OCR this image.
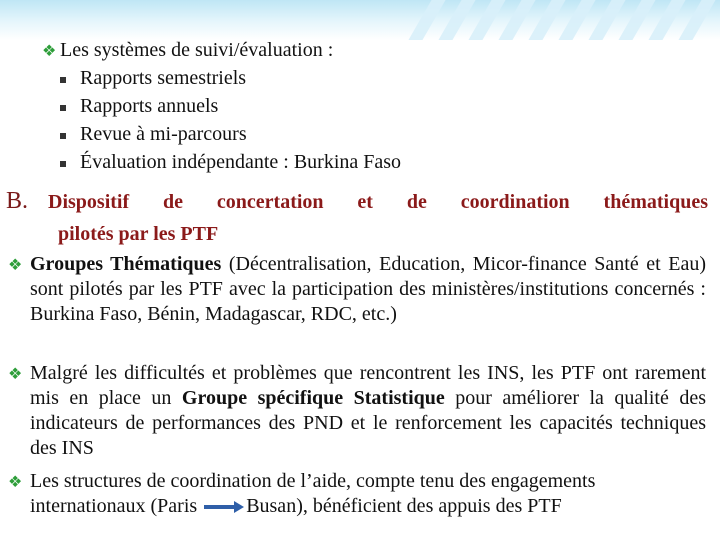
❖ Les systèmes de suivi/évaluation :
Rapports semestriels
Rapports annuels
Revue à mi-parcours
Évaluation indépendante : Burkina Faso
B. Dispositif de concertation et de coordination thématiques
pilotés par les PTF
❖ Groupes Thématiques (Décentralisation, Education, Micor-finance Santé et Eau) sont pilotés par les PTF avec la participation des ministères/institutions concernés : Burkina Faso, Bénin, Madagascar, RDC, etc.)
❖ Malgré les difficultés et problèmes que rencontrent les INS, les PTF ont rarement mis en place un Groupe spécifique Statistique pour améliorer la qualité des indicateurs de performances des PND et le renforcement les capacités techniques des INS
❖ Les structures de coordination de l’aide, compte tenu des engagements
internationaux (Paris Busan), bénéficient des appuis des PTF
